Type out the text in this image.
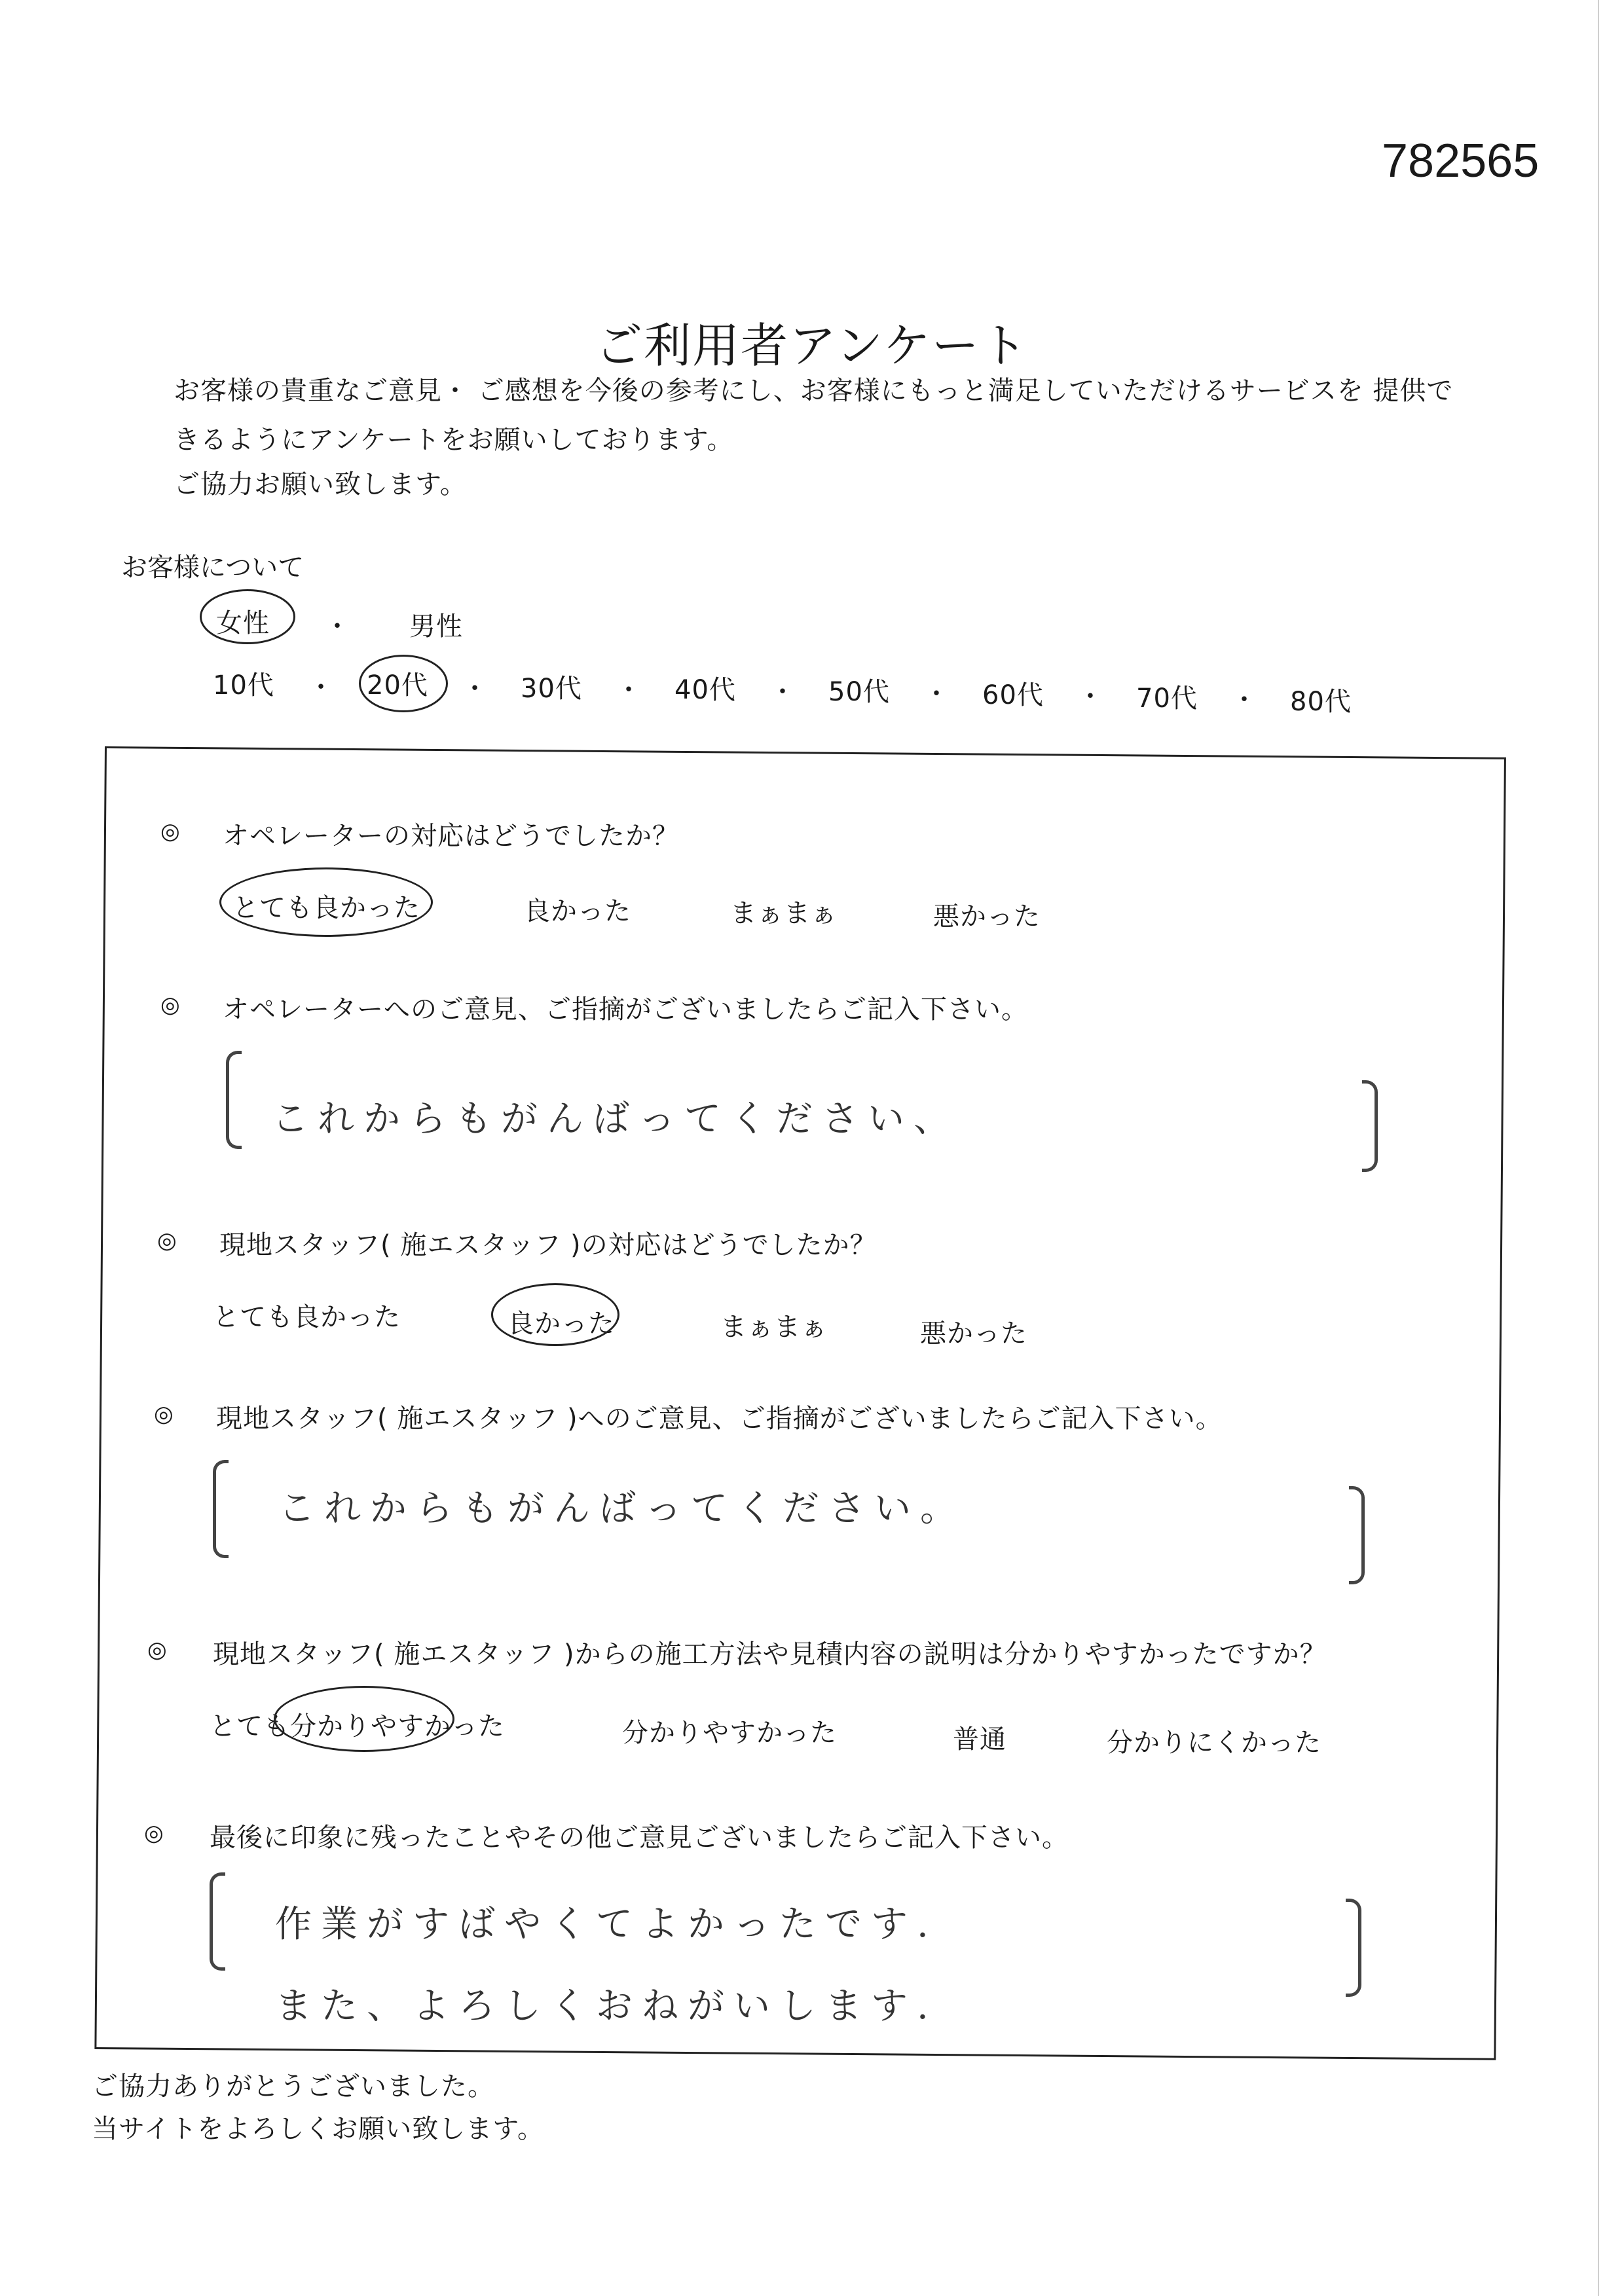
782565
ご利用者アンケート
お客様の貴重なご意見・ ご感想を今後の参考にし、お客様にもっと満足していただけるサービスを 提供で
きるようにアンケートをお願いしております。
ご協力お願い致します。
お客様について
女性 ・ 男性
10代 ・ 20代 ・ 30代 ・ 40代 ・ 50代 ・ 60代 ・ 70代 ・ 80代
◎ オペレーターの対応はどうでしたか？
とても良かった	良かった	まぁまぁ	悪かった
◎ オペレーターへのご意見、ご指摘がございましたらご記入下さい。
これからもがんばってください、
◎ 現地スタッフ( 施エスタッフ )の対応はどうでしたか？
とても良かった	良かった	まぁまぁ	悪かった
◎ 現地スタッフ( 施エスタッフ )へのご意見、ご指摘がございましたらご記入下さい。
これからもがんばってください。
◎ 現地スタッフ( 施エスタッフ )からの施工方法や見積内容の説明は分かりやすかったですか？
とても分かりやすかった	分かりやすかった	普通	分かりにくかった
◎ 最後に印象に残ったことやその他ご意見ございましたらご記入下さい。
作業がすばやくてよかったです.
また、よろしくおねがいします.
ご協力ありがとうございました。
当サイトをよろしくお願い致します。
